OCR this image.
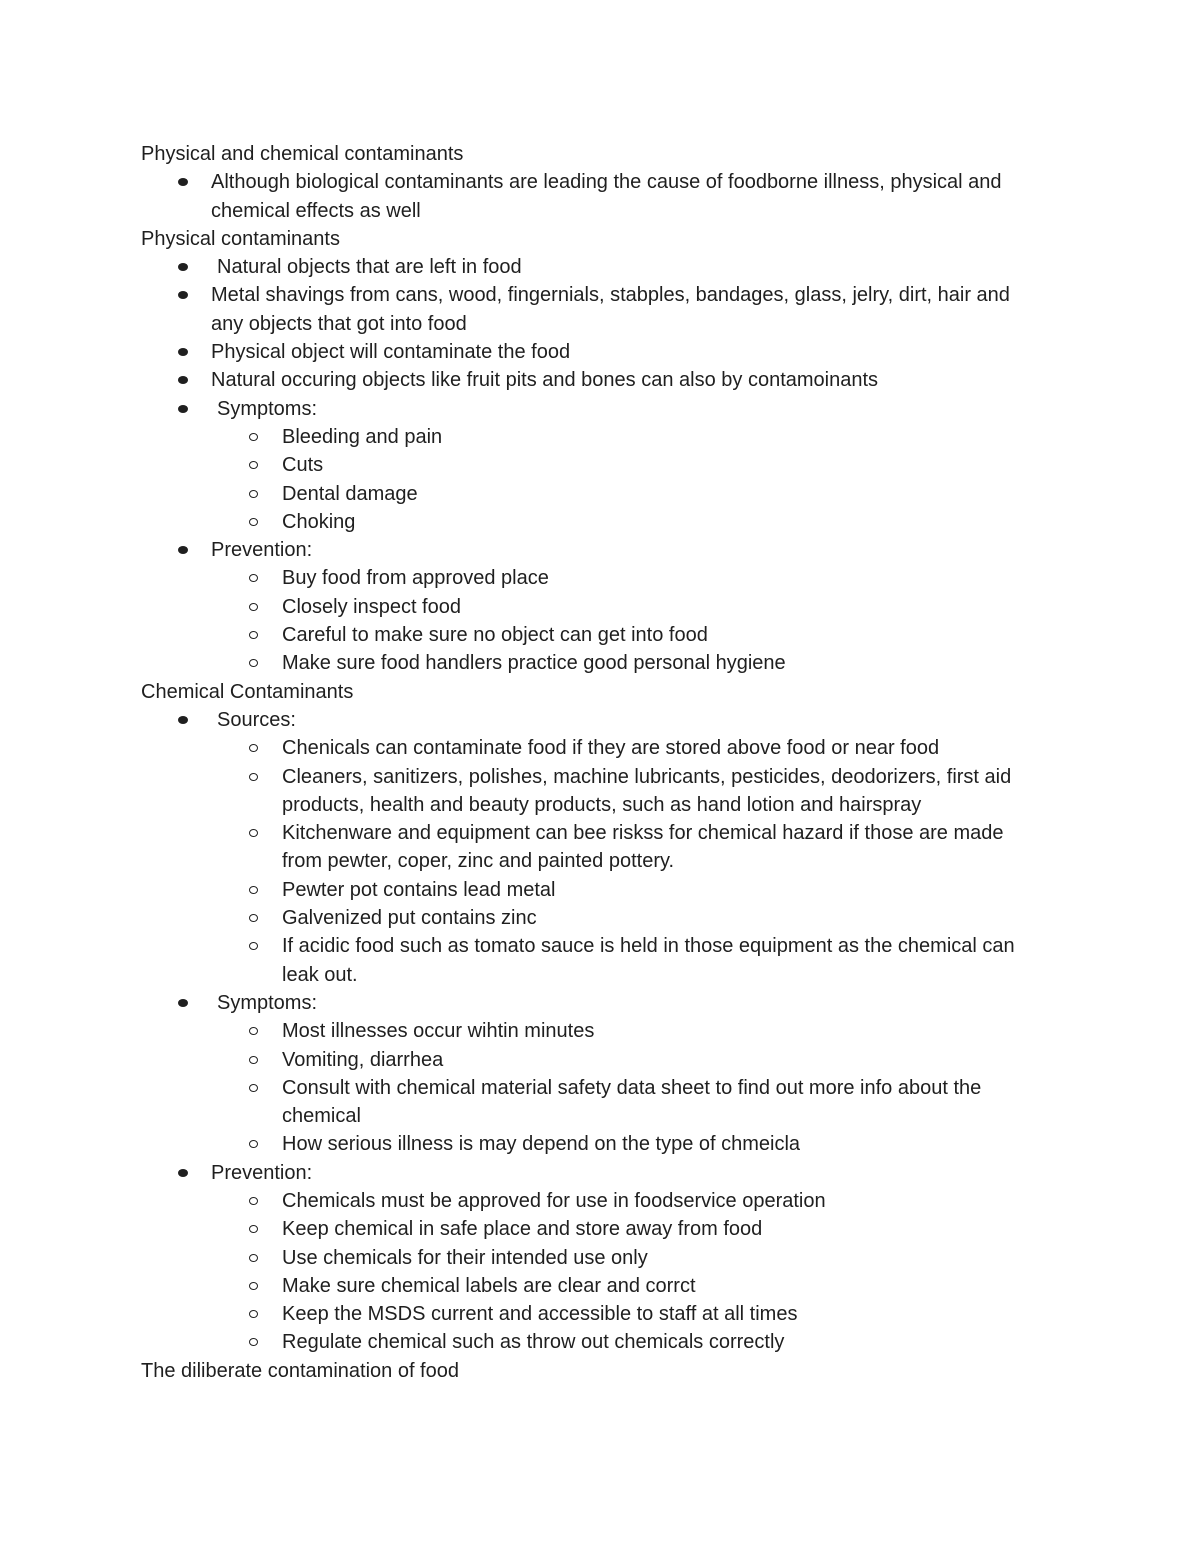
Physical and chemical contaminants
Although biological contaminants are leading the cause of foodborne illness, physical and chemical effects as well
Physical contaminants
Natural objects that are left in food
Metal shavings from cans, wood, fingernials, stabples, bandages, glass, jelry, dirt, hair and any objects that got into food
Physical object will contaminate the food
Natural occuring objects like fruit pits and bones can also by contamoinants
Symptoms:
Bleeding and pain
Cuts
Dental damage
Choking
Prevention:
Buy food from approved place
Closely inspect food
Careful to make sure no object can get into food
Make sure food handlers practice good personal hygiene
Chemical Contaminants
Sources:
Chenicals can contaminate food if they are stored above food or near food
Cleaners, sanitizers, polishes, machine lubricants, pesticides, deodorizers, first aid products, health and beauty products, such as hand lotion and hairspray
Kitchenware and equipment can bee riskss for chemical hazard if those are made from pewter, coper, zinc and painted pottery.
Pewter pot contains lead metal
Galvenized put contains zinc
If acidic food such as tomato sauce is held in those equipment as the chemical can leak out.
Symptoms:
Most illnesses occur wihtin minutes
Vomiting, diarrhea
Consult with chemical material safety data sheet to find out more info about the chemical
How serious illness is may depend on the type of chmeicla
Prevention:
Chemicals must be approved for use in foodservice operation
Keep chemical in safe place and store away from food
Use chemicals for their intended use only
Make sure chemical labels are clear and corrct
Keep the MSDS current and accessible to staff at all times
Regulate chemical such as throw out chemicals correctly
The diliberate contamination of food
